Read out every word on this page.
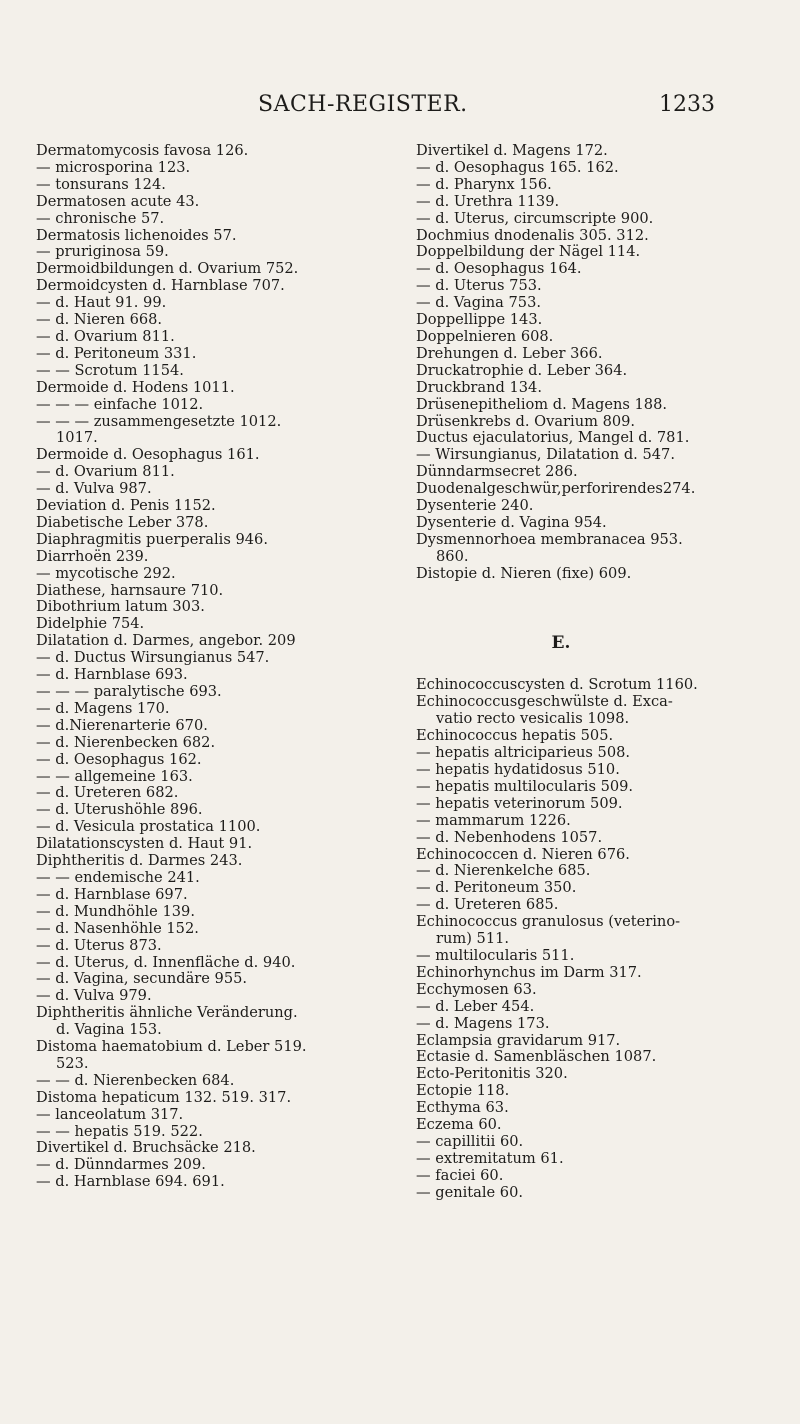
SACH-REGISTER.	1233
Dermatomycosis favosa 126.
— microsporina 123.
— tonsurans 124.
Dermatosen acute 43.
— chronische 57.
Dermatosis lichenoides 57.
— pruriginosa 59.
Dermoidbildungen d. Ovarium 752.
Dermoidcysten d. Harnblase 707.
— d. Haut 91. 99.
— d. Nieren 668.
— d. Ovarium 811.
— d. Peritoneum 331.
— — Scrotum 1154.
Dermoide d. Hodens 1011.
— — — einfache 1012.
— — — zusammengesetzte 1012.
1017.
Dermoide d. Oesophagus 161.
— d. Ovarium 811.
— d. Vulva 987.
Deviation d. Penis 1152.
Diabetische Leber 378.
Diaphragmitis puerperalis 946.
Diarrhoën 239.
— mycotische 292.
Diathese, harnsaure 710.
Dibothrium latum 303.
Didelphie 754.
Dilatation d. Darmes, angebor. 209
— d. Ductus Wirsungianus 547.
— d. Harnblase 693.
— — — paralytische 693.
— d. Magens 170.
— d.Nierenarterie 670.
— d. Nierenbecken 682.
— d. Oesophagus 162.
— — allgemeine 163.
— d. Ureteren 682.
— d. Uterushöhle 896.
— d. Vesicula prostatica 1100.
Dilatationscysten d. Haut 91.
Diphtheritis d. Darmes 243.
— — endemische 241.
— d. Harnblase 697.
— d. Mundhöhle 139.
— d. Nasenhöhle 152.
— d. Uterus 873.
— d. Uterus, d. Innenfläche d. 940.
— d. Vagina, secundäre 955.
— d. Vulva 979.
Diphtheritis ähnliche Veränderung.
d. Vagina 153.
Distoma haematobium d. Leber 519.
523.
— — d. Nierenbecken 684.
Distoma hepaticum 132. 519. 317.
— lanceolatum 317.
— — hepatis 519. 522.
Divertikel d. Bruchsäcke 218.
— d. Dünndarmes 209.
— d. Harnblase 694. 691.
Divertikel d. Magens 172.
— d. Oesophagus 165. 162.
— d. Pharynx 156.
— d. Urethra 1139.
— d. Uterus, circumscripte 900.
Dochmius dnodenalis 305. 312.
Doppelbildung der Nägel 114.
— d. Oesophagus 164.
— d. Uterus 753.
— d. Vagina 753.
Doppellippe 143.
Doppelnieren 608.
Drehungen d. Leber 366.
Druckatrophie d. Leber 364.
Druckbrand 134.
Drüsenepitheliom d. Magens 188.
Drüsenkrebs d. Ovarium 809.
Ductus ejaculatorius, Mangel d. 781.
— Wirsungianus, Dilatation d. 547.
Dünndarmsecret 286.
Duodenalgeschwür,perforirendes274.
Dysenterie 240.
Dysenterie d. Vagina 954.
Dysmennorhoea membranacea 953.
860.
Distopie d. Nieren (fixe) 609.
E.
Echinococcuscysten d. Scrotum 1160.
Echinococcusgeschwülste d. Exca-
vatio recto vesicalis 1098.
Echinococcus hepatis 505.
— hepatis altriciparieus 508.
— hepatis hydatidosus 510.
— hepatis multilocularis 509.
— hepatis veterinorum 509.
— mammarum 1226.
— d. Nebenhodens 1057.
Echinococcen d. Nieren 676.
— d. Nierenkelche 685.
— d. Peritoneum 350.
— d. Ureteren 685.
Echinococcus granulosus (veterino-
rum) 511.
— multilocularis 511.
Echinorhynchus im Darm 317.
Ecchymosen 63.
— d. Leber 454.
— d. Magens 173.
Eclampsia gravidarum 917.
Ectasie d. Samenbläschen 1087.
Ecto-Peritonitis 320.
Ectopie 118.
Ecthyma 63.
Eczema 60.
— capillitii 60.
— extremitatum 61.
— faciei 60.
— genitale 60.
